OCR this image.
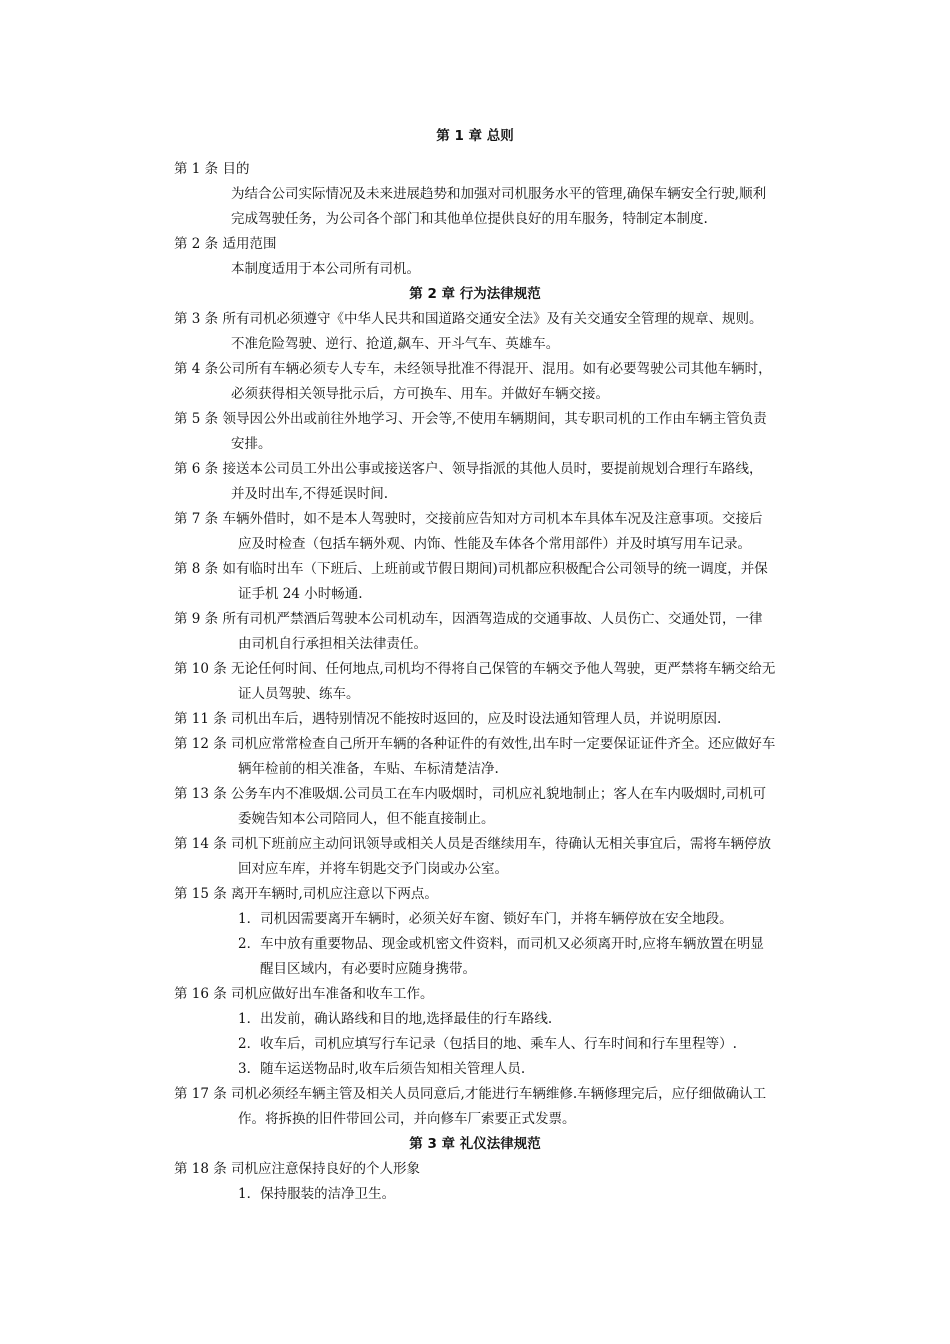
第 1 章 总则
第 1 条 目的
为结合公司实际情况及未来进展趋势和加强对司机服务水平的管理,确保车辆安全行驶,顺利
完成驾驶任务，为公司各个部门和其他单位提供良好的用车服务，特制定本制度.
第 2 条 适用范围
本制度适用于本公司所有司机。
第 2 章 行为法律规范
第 3 条 所有司机必须遵守《中华人民共和国道路交通安全法》及有关交通安全管理的规章、规则。
不准危险驾驶、逆行、抢道,飙车、开斗气车、英雄车。
第 4 条公司所有车辆必须专人专车，未经领导批准不得混开、混用。如有必要驾驶公司其他车辆时，
必须获得相关领导批示后，方可换车、用车。并做好车辆交接。
第 5 条 领导因公外出或前往外地学习、开会等,不使用车辆期间，其专职司机的工作由车辆主管负责
安排。
第 6 条 接送本公司员工外出公事或接送客户、领导指派的其他人员时，要提前规划合理行车路线，
并及时出车,不得延误时间.
第 7 条 车辆外借时，如不是本人驾驶时，交接前应告知对方司机本车具体车况及注意事项。交接后
应及时检查（包括车辆外观、内饰、性能及车体各个常用部件）并及时填写用车记录。
第 8 条 如有临时出车（下班后、上班前或节假日期间)司机都应积极配合公司领导的统一调度，并保
证手机 24 小时畅通.
第 9 条 所有司机严禁酒后驾驶本公司机动车，因酒驾造成的交通事故、人员伤亡、交通处罚，一律
由司机自行承担相关法律责任。
第 10 条 无论任何时间、任何地点,司机均不得将自己保管的车辆交予他人驾驶，更严禁将车辆交给无
证人员驾驶、练车。
第 11 条 司机出车后，遇特别情况不能按时返回的，应及时设法通知管理人员，并说明原因.
第 12 条 司机应常常检查自己所开车辆的各种证件的有效性,出车时一定要保证证件齐全。还应做好车
辆年检前的相关准备，车贴、车标清楚洁净.
第 13 条 公务车内不准吸烟.公司员工在车内吸烟时，司机应礼貌地制止；客人在车内吸烟时,司机可
委婉告知本公司陪同人，但不能直接制止。
第 14 条 司机下班前应主动问讯领导或相关人员是否继续用车，待确认无相关事宜后，需将车辆停放
回对应车库，并将车钥匙交予门岗或办公室。
第 15 条 离开车辆时,司机应注意以下两点。
1．司机因需要离开车辆时，必须关好车窗、锁好车门，并将车辆停放在安全地段。
2．车中放有重要物品、现金或机密文件资料，而司机又必须离开时,应将车辆放置在明显
醒目区域内，有必要时应随身携带。
第 16 条 司机应做好出车准备和收车工作。
1．出发前，确认路线和目的地,选择最佳的行车路线.
2．收车后，司机应填写行车记录（包括目的地、乘车人、行车时间和行车里程等）.
3．随车运送物品时,收车后须告知相关管理人员.
第 17 条 司机必须经车辆主管及相关人员同意后,才能进行车辆维修.车辆修理完后，应仔细做确认工
作。将拆换的旧件带回公司，并向修车厂索要正式发票。
第 3 章 礼仪法律规范
第 18 条 司机应注意保持良好的个人形象
1．保持服装的洁净卫生。
